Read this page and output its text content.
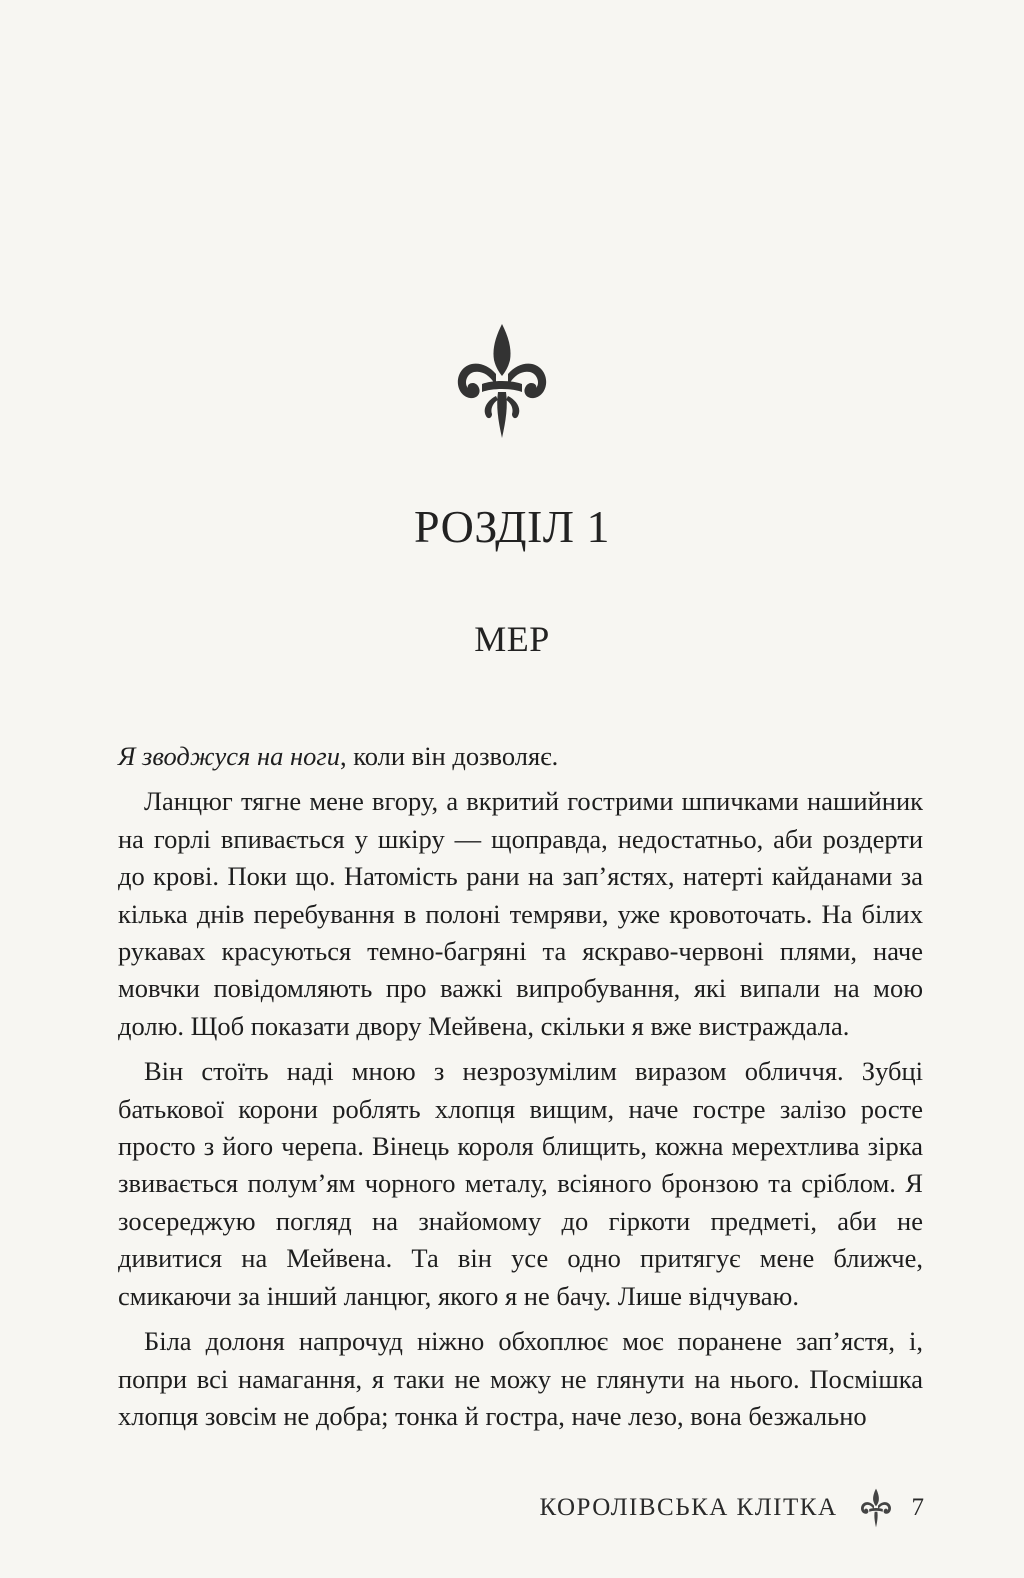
РОЗДІЛ 1
МЕР

Я зводжуся на ноги, коли він дозволяє.

Ланцюг тягне мене вгору, а вкритий гострими шпичками нашийник на горлі впивається у шкіру — щоправда, недостатньо, аби роздерти до крові. Поки що. Натомість рани на зап’ястях, натерті кайданами за кілька днів перебування в полоні темряви, уже кровоточать. На білих рукавах красуються темно-багряні та яскраво-червоні плями, наче мовчки повідомляють про важкі випробування, які випали на мою долю. Щоб показати двору Мейвена, скільки я вже вистраждала.

Він стоїть наді мною з незрозумілим виразом обличчя. Зубці батькової корони роблять хлопця вищим, наче гостре залізо росте просто з його черепа. Вінець короля блищить, кожна мерехтлива зірка звивається полум’ям чорного металу, всіяного бронзою та сріблом. Я зосереджую погляд на знайомому до гіркоти предметі, аби не дивитися на Мейвена. Та він усе одно притягує мене ближче, смикаючи за інший ланцюг, якого я не бачу. Лише відчуваю.

Біла долоня напрочуд ніжно обхоплює моє поранене зап’ястя, і, попри всі намагання, я таки не можу не глянути на нього. Посмішка хлопця зовсім не добра; тонка й гостра, наче лезо, вона безжально

КОРОЛІВСЬКА КЛІТКА	7
